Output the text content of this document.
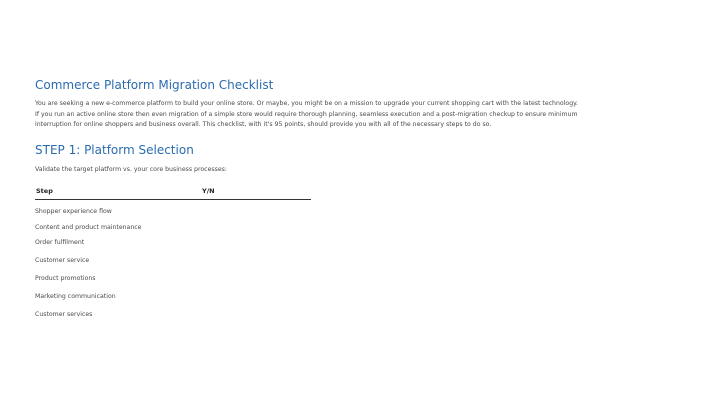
Commerce Platform Migration Checklist

You are seeking a new e-commerce platform to build your online store. Or maybe, you might be on a mission to upgrade your current shopping cart with the latest technology.

If you run an active online store then even migration of a simple store would require thorough planning, seamless execution and a post-migration checkup to ensure minimum interruption for online shoppers and business overall. This checklist, with it's 95 points, should provide you with all of the necessary steps to do so.

STEP 1: Platform Selection
Validate the target platform vs. your core business processes:
Step	Y/N
Shopper experience flow
Content and product maintenance
Order fulfilment
Customer service
Product promotions
Marketing communication
Customer services
